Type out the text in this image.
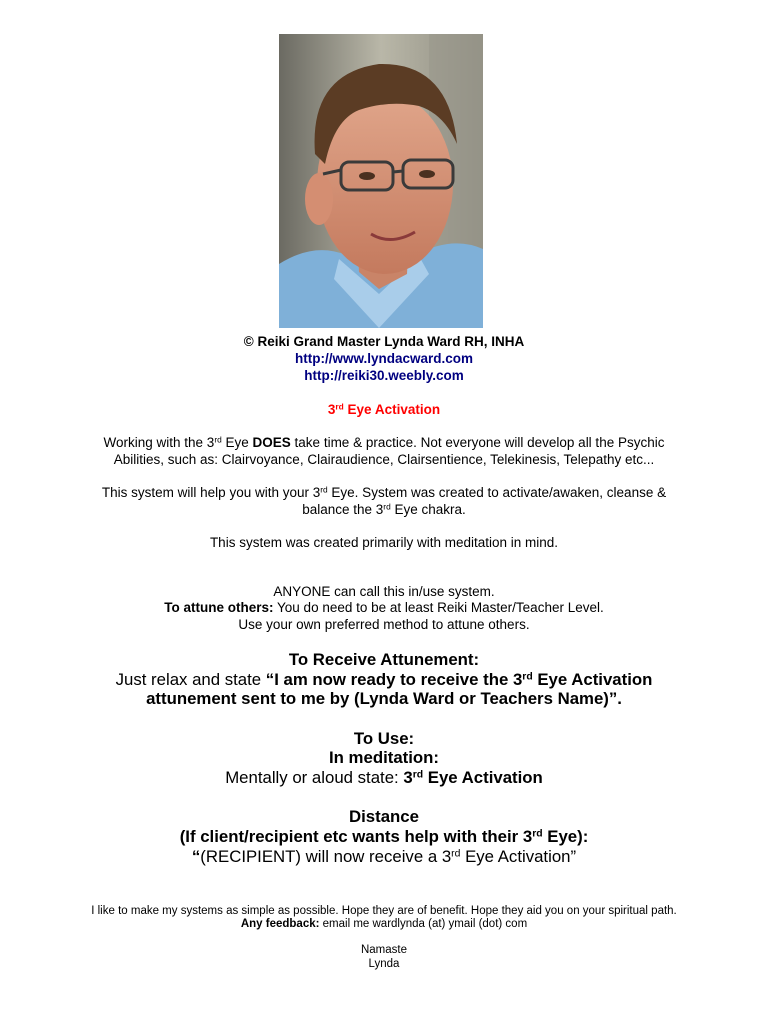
© Reiki Grand Master Lynda Ward RH, INHA
http://www.lyndacward.com
http://reiki30.weebly.com
3rd Eye Activation
Working with the 3rd Eye DOES take time & practice. Not everyone will develop all the Psychic
Abilities, such as: Clairvoyance, Clairaudience, Clairsentience, Telekinesis, Telepathy etc...
This system will help you with your 3rd Eye. System was created to activate/awaken, cleanse &
balance the 3rd Eye chakra.
This system was created primarily with meditation in mind.
ANYONE can call this in/use system.
To attune others: You do need to be at least Reiki Master/Teacher Level.
Use your own preferred method to attune others.
To Receive Attunement:
Just relax and state “I am now ready to receive the 3rd Eye Activation
attunement sent to me by (Lynda Ward or Teachers Name)”.
To Use:
In meditation:
Mentally or aloud state: 3rd Eye Activation
Distance
(If client/recipient etc wants help with their 3rd Eye):
“(RECIPIENT) will now receive a 3rd Eye Activation”
I like to make my systems as simple as possible. Hope they are of benefit. Hope they aid you on your spiritual path.
Any feedback: email me wardlynda (at) ymail (dot) com
Namaste
Lynda
